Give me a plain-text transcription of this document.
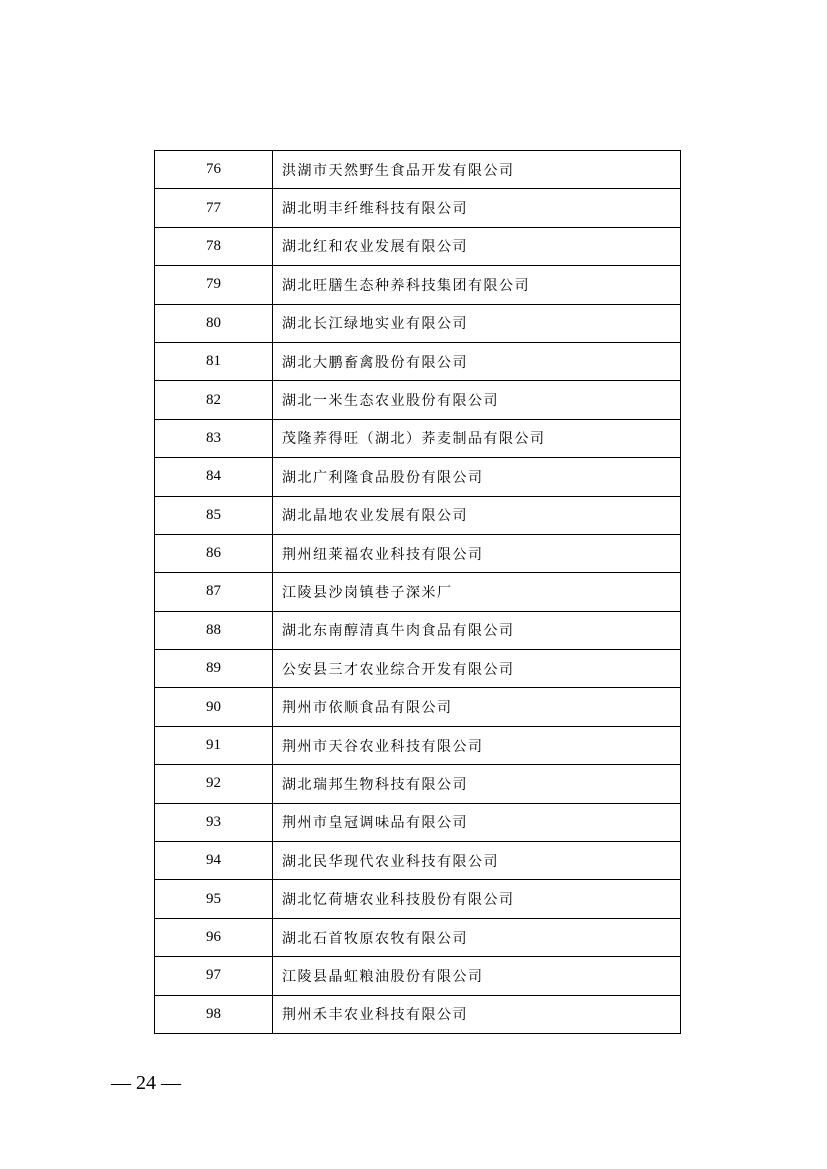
76	洪湖市天然野生食品开发有限公司
77	湖北明丰纤维科技有限公司
78	湖北红和农业发展有限公司
79	湖北旺膳生态种养科技集团有限公司
80	湖北长江绿地实业有限公司
81	湖北大鹏畜禽股份有限公司
82	湖北一米生态农业股份有限公司
83	茂隆荞得旺（湖北）荞麦制品有限公司
84	湖北广利隆食品股份有限公司
85	湖北晶地农业发展有限公司
86	荆州纽莱福农业科技有限公司
87	江陵县沙岗镇巷子深米厂
88	湖北东南醇清真牛肉食品有限公司
89	公安县三才农业综合开发有限公司
90	荆州市依顺食品有限公司
91	荆州市天谷农业科技有限公司
92	湖北瑞邦生物科技有限公司
93	荆州市皇冠调味品有限公司
94	湖北民华现代农业科技有限公司
95	湖北忆荷塘农业科技股份有限公司
96	湖北石首牧原农牧有限公司
97	江陵县晶虹粮油股份有限公司
98	荆州禾丰农业科技有限公司
— 24 —
